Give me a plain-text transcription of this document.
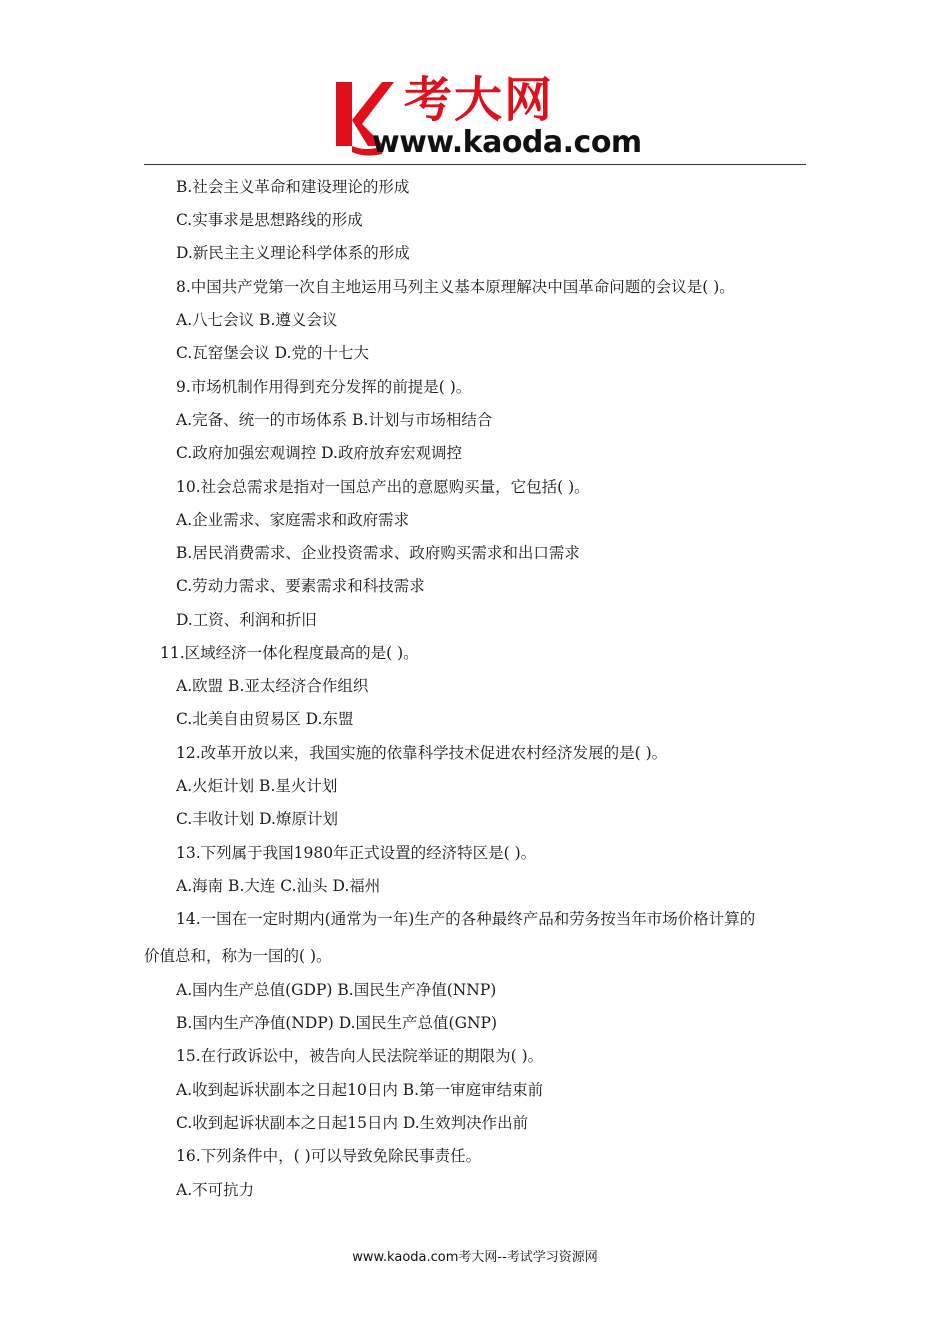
考大网
www.kaoda.com
B.社会主义革命和建设理论的形成
C.实事求是思想路线的形成
D.新民主主义理论科学体系的形成
8.中国共产党第一次自主地运用马列主义基本原理解决中国革命问题的会议是( )。
A.八七会议 B.遵义会议
C.瓦窑堡会议 D.党的十七大
9.市场机制作用得到充分发挥的前提是( )。
A.完备、统一的市场体系 B.计划与市场相结合
C.政府加强宏观调控 D.政府放弃宏观调控
10.社会总需求是指对一国总产出的意愿购买量，它包括( )。
A.企业需求、家庭需求和政府需求
B.居民消费需求、企业投资需求、政府购买需求和出口需求
C.劳动力需求、要素需求和科技需求
D.工资、利润和折旧
11.区域经济一体化程度最高的是( )。
A.欧盟 B.亚太经济合作组织
C.北美自由贸易区 D.东盟
12.改革开放以来，我国实施的依靠科学技术促进农村经济发展的是( )。
A.火炬计划 B.星火计划
C.丰收计划 D.燎原计划
13.下列属于我国1980年正式设置的经济特区是( )。
A.海南 B.大连 C.汕头 D.福州
14.一国在一定时期内(通常为一年)生产的各种最终产品和劳务按当年市场价格计算的
价值总和，称为一国的( )。
A.国内生产总值(GDP) B.国民生产净值(NNP)
B.国内生产净值(NDP) D.国民生产总值(GNP)
15.在行政诉讼中，被告向人民法院举证的期限为( )。
A.收到起诉状副本之日起10日内 B.第一审庭审结束前
C.收到起诉状副本之日起15日内 D.生效判决作出前
16.下列条件中，( )可以导致免除民事责任。
A.不可抗力
www.kaoda.com考大网--考试学习资源网
